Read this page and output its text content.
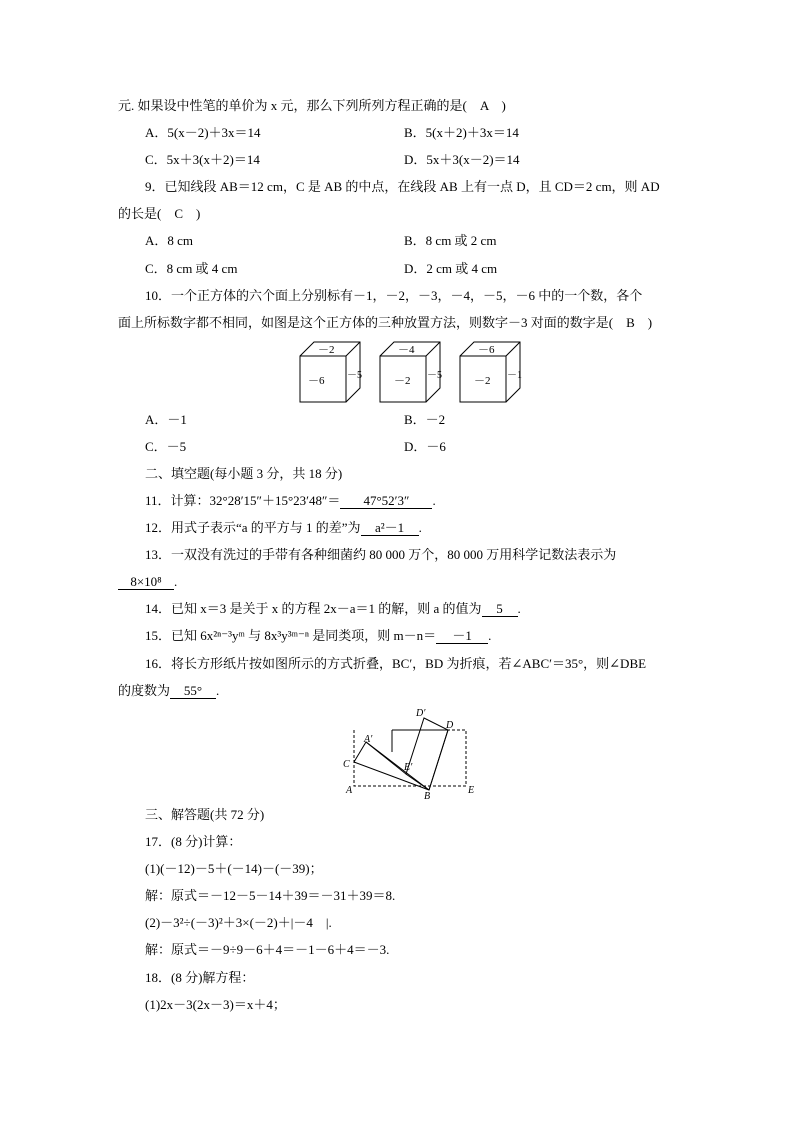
元. 如果设中性笔的单价为 x 元，那么下列所列方程正确的是(　A　)
A．5(x－2)＋3x＝14	B．5(x＋2)＋3x＝14
C．5x＋3(x＋2)＝14	D．5x＋3(x－2)＝14
9．已知线段 AB＝12 cm，C 是 AB 的中点，在线段 AB 上有一点 D，且 CD＝2 cm，则 AD
的长是(　C　)
A．8 cm	B．8 cm 或 2 cm
C．8 cm 或 4 cm	D．2 cm 或 4 cm
10．一个正方体的六个面上分别标有－1，－2，－3，－4，－5，－6 中的一个数，各个
面上所标数字都不相同，如图是这个正方体的三种放置方法，则数字－3 对面的数字是(　B　)
－2
－6 －5
－4
－2 －5
－6
－2 －1
A．－1	B．－2
C．－5	D．－6
二、填空题(每小题 3 分，共 18 分)
11．计算：32°28′15″＋15°23′48″＝ 47°52′3″ .
12．用式子表示“a 的平方与 1 的差”为 a²－1 .
13．一双没有洗过的手带有各种细菌约 80 000 万个，80 000 万用科学记数法表示为
8×10⁸ .
14．已知 x＝3 是关于 x 的方程 2x－a＝1 的解，则 a 的值为 5 .
15．已知 6x²ⁿ⁻³yᵐ 与 8x³y³ᵐ⁻ⁿ 是同类项，则 m－n＝ －1 .
16．将长方形纸片按如图所示的方式折叠，BC′，BD 为折痕，若∠ABC′＝35°，则∠DBE
的度数为 55° .
D′
D
A′
C	E′
A
B
E
三、解答题(共 72 分)
17．(8 分)计算：
(1)(－12)－5＋(－14)－(－39)；
解：原式＝－12－5－14＋39＝－31＋39＝8.
(2)－3²÷(－3)²＋3×(－2)＋|－4　|.
解：原式＝－9÷9－6＋4＝－1－6＋4＝－3.
18．(8 分)解方程：
(1)2x－3(2x－3)＝x＋4；
